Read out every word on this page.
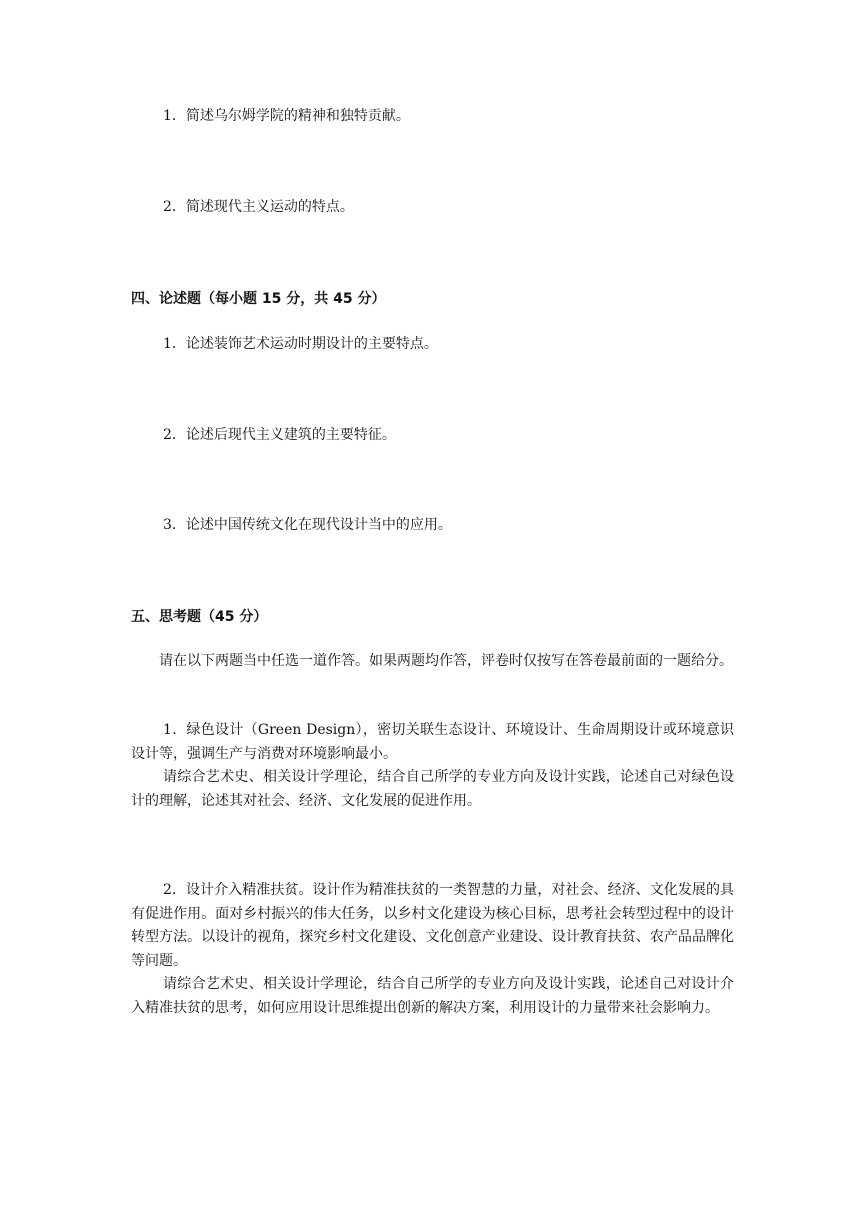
1．简述乌尔姆学院的精神和独特贡献。
2．简述现代主义运动的特点。
四、论述题（每小题 15 分，共 45 分）
1．论述装饰艺术运动时期设计的主要特点。
2．论述后现代主义建筑的主要特征。
3．论述中国传统文化在现代设计当中的应用。
五、思考题（45 分）
请在以下两题当中任选一道作答。如果两题均作答，评卷时仅按写在答卷最前面的一题给分。
1．绿色设计（Green Design），密切关联生态设计、环境设计、生命周期设计或环境意识设计等，强调生产与消费对环境影响最小。
请综合艺术史、相关设计学理论，结合自己所学的专业方向及设计实践，论述自己对绿色设计的理解，论述其对社会、经济、文化发展的促进作用。
2．设计介入精准扶贫。设计作为精准扶贫的一类智慧的力量，对社会、经济、文化发展的具有促进作用。面对乡村振兴的伟大任务，以乡村文化建设为核心目标，思考社会转型过程中的设计转型方法。以设计的视角，探究乡村文化建设、文化创意产业建设、设计教育扶贫、农产品品牌化等问题。
请综合艺术史、相关设计学理论，结合自己所学的专业方向及设计实践，论述自己对设计介入精准扶贫的思考，如何应用设计思维提出创新的解决方案，利用设计的力量带来社会影响力。
